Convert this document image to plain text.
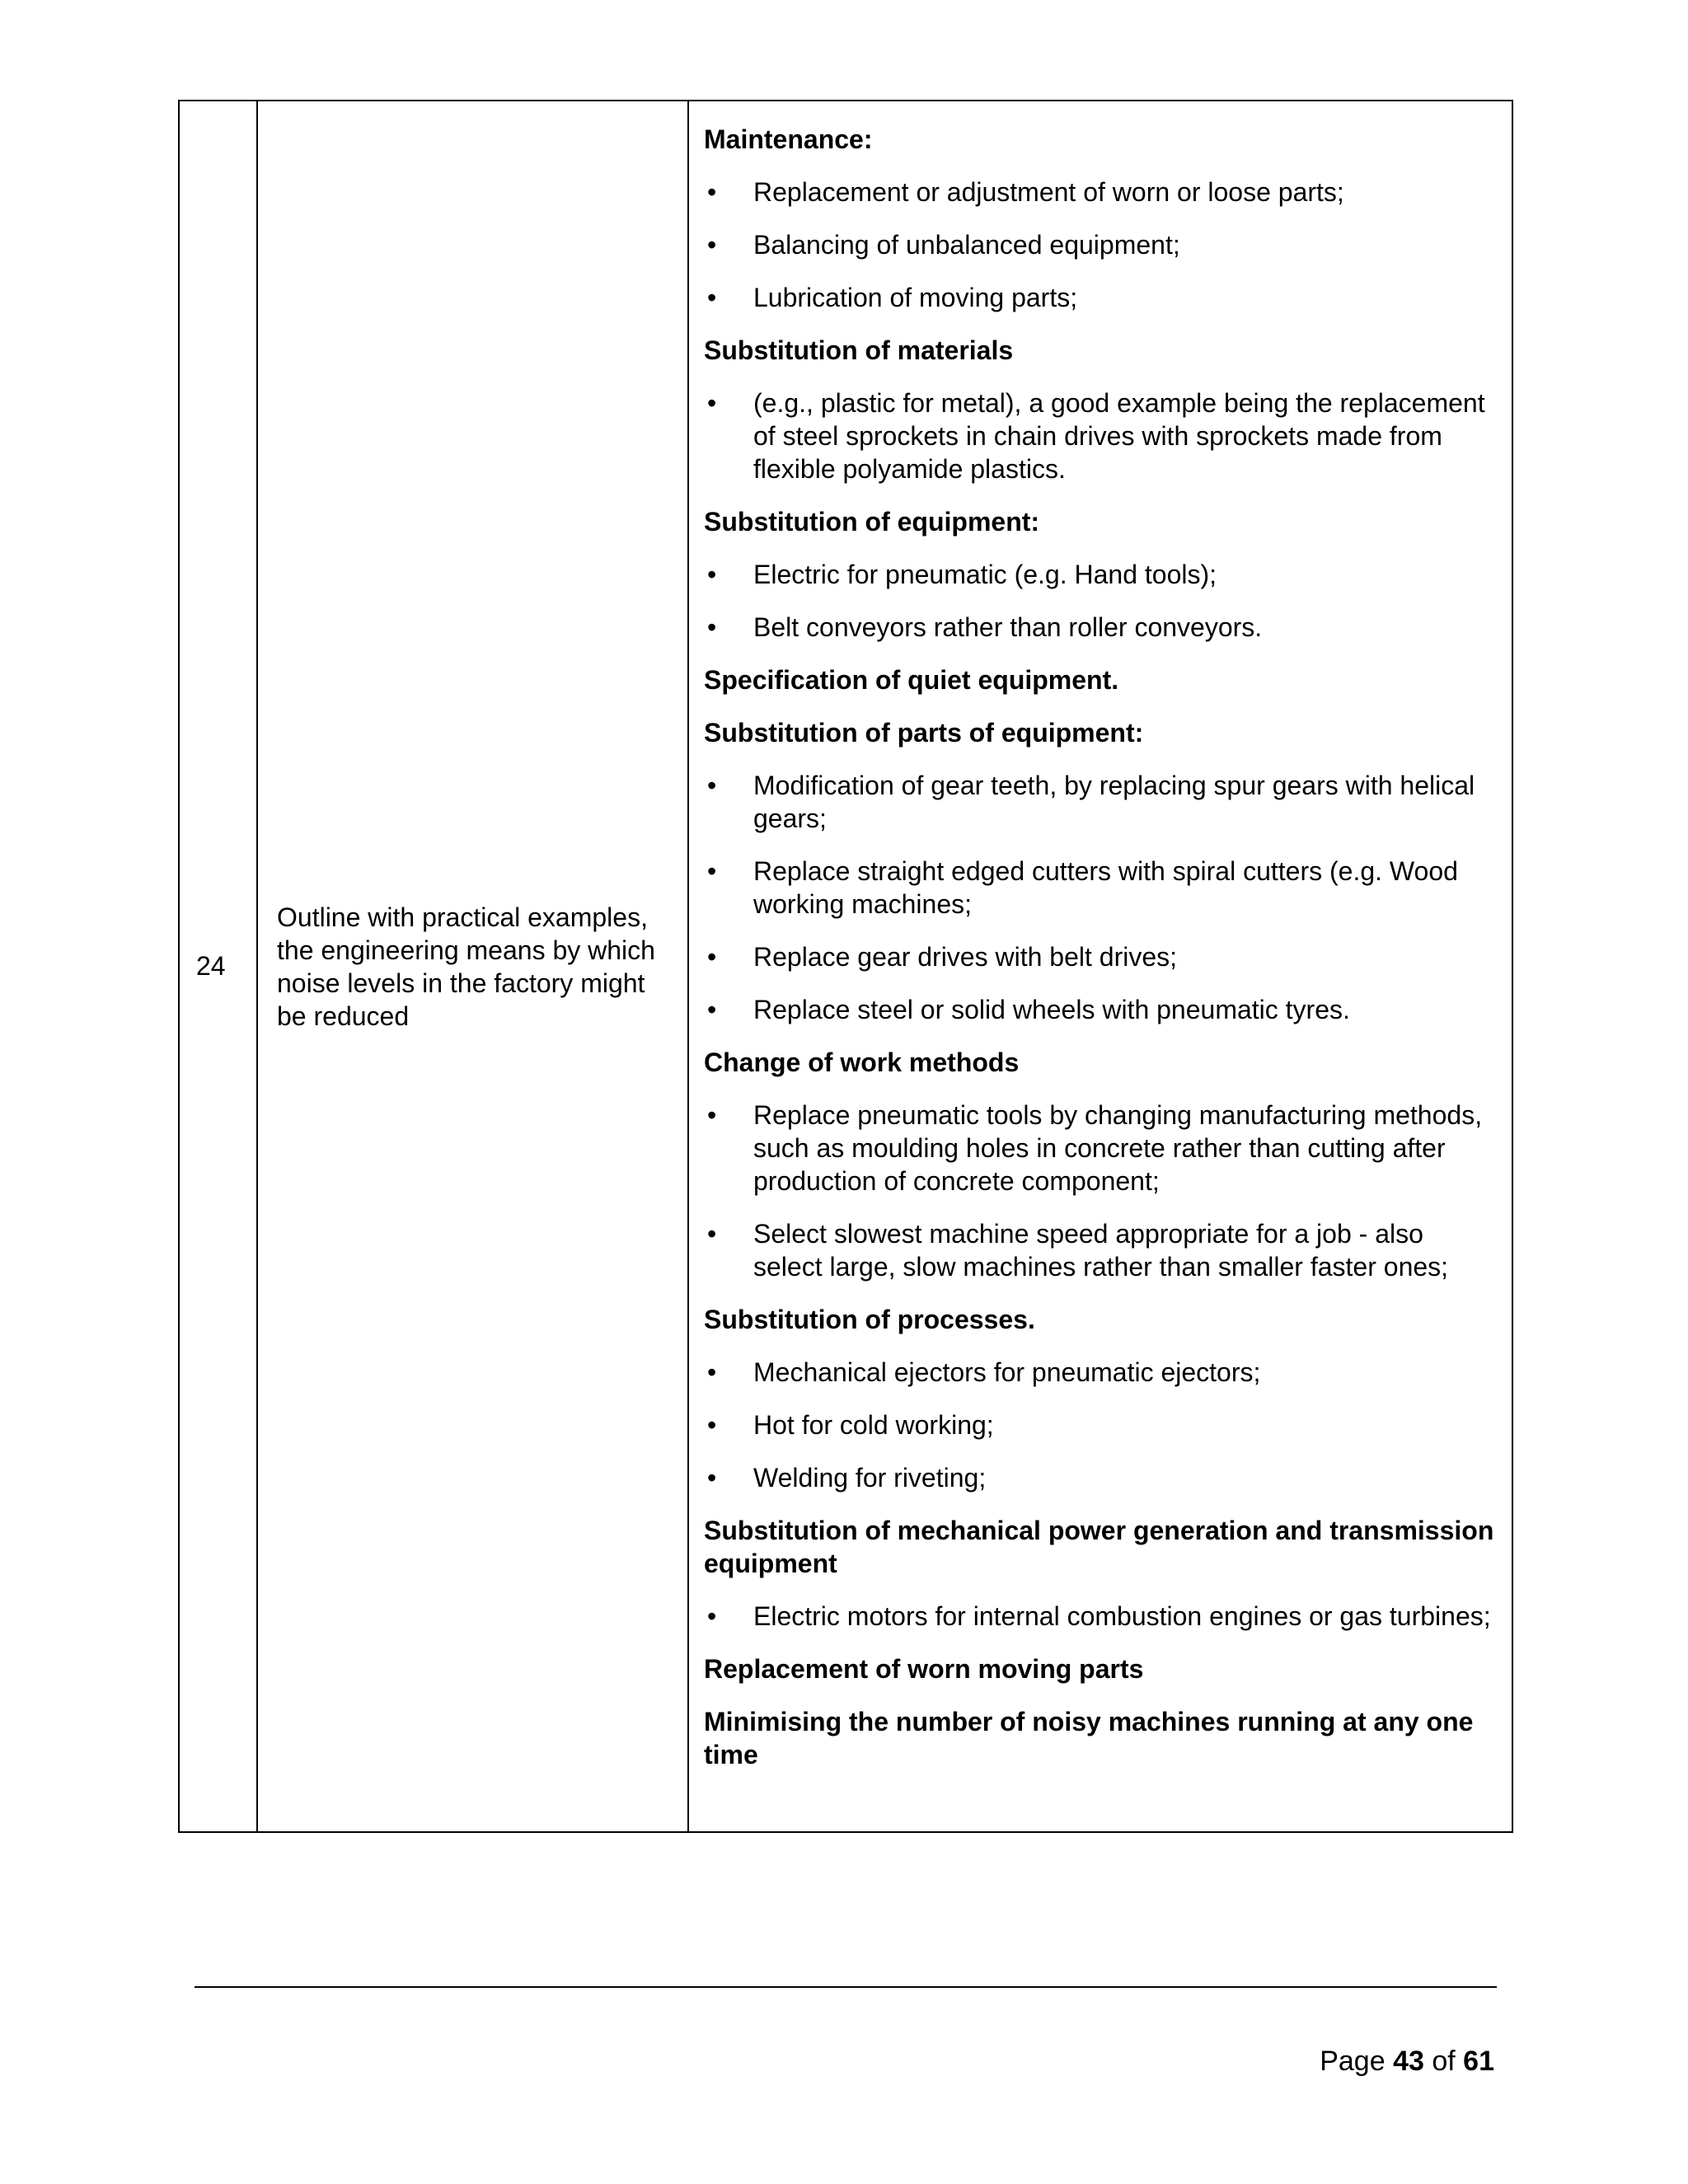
24	Outline with practical examples, the engineering means by which noise levels in the factory might be reduced	
Maintenance:
• Replacement or adjustment of worn or loose parts;
• Balancing of unbalanced equipment;
• Lubrication of moving parts;
Substitution of materials
• (e.g., plastic for metal), a good example being the replacement of steel sprockets in chain drives with sprockets made from flexible polyamide plastics.
Substitution of equipment:
• Electric for pneumatic (e.g. Hand tools);
• Belt conveyors rather than roller conveyors.
Specification of quiet equipment.
Substitution of parts of equipment:
• Modification of gear teeth, by replacing spur gears with helical gears;
• Replace straight edged cutters with spiral cutters (e.g. Wood working machines;
• Replace gear drives with belt drives;
• Replace steel or solid wheels with pneumatic tyres.
Change of work methods
• Replace pneumatic tools by changing manufacturing methods, such as moulding holes in concrete rather than cutting after production of concrete component;
• Select slowest machine speed appropriate for a job - also select large, slow machines rather than smaller faster ones;
Substitution of processes.
• Mechanical ejectors for pneumatic ejectors;
• Hot for cold working;
• Welding for riveting;
Substitution of mechanical power generation and transmission equipment
• Electric motors for internal combustion engines or gas turbines;
Replacement of worn moving parts
Minimising the number of noisy machines running at any one time
Page 43 of 61
